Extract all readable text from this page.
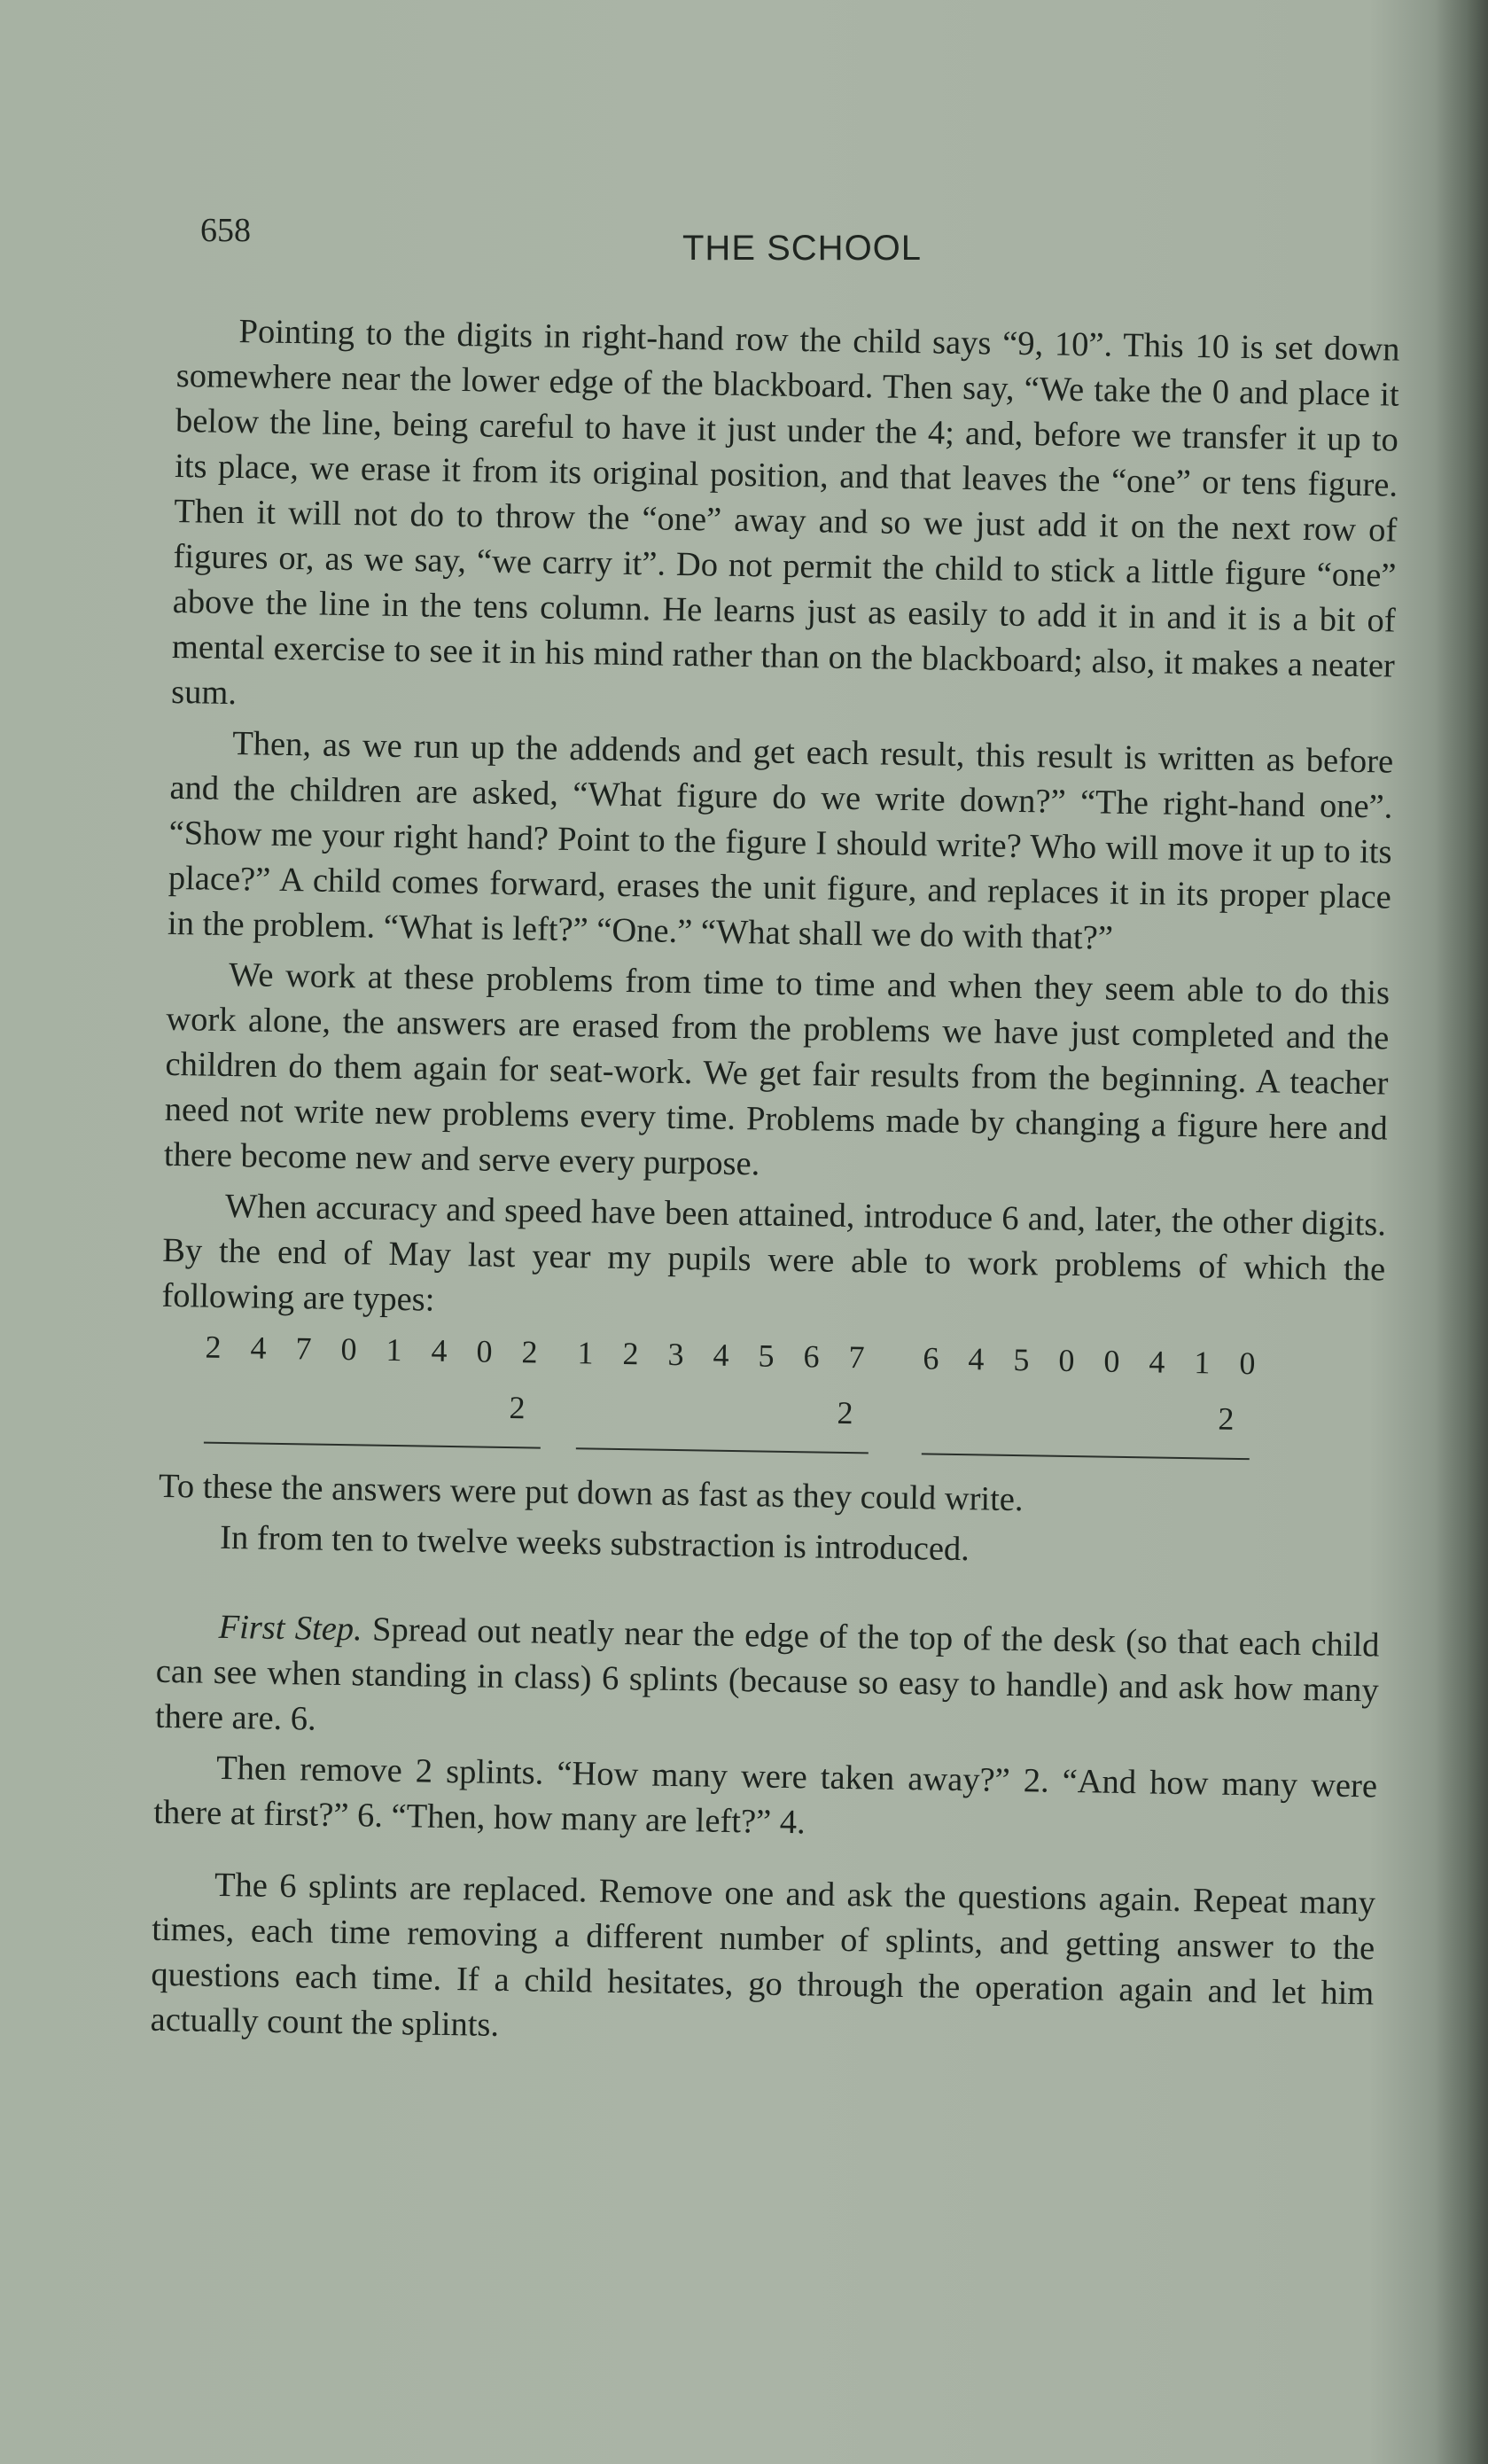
658	THE SCHOOL

Pointing to the digits in right-hand row the child says “9, 10”. This 10 is set down somewhere near the lower edge of the blackboard. Then say, “We take the 0 and place it below the line, being careful to have it just under the 4; and, before we transfer it up to its place, we erase it from its original position, and that leaves the “one” or tens figure. Then it will not do to throw the “one” away and so we just add it on the next row of figures or, as we say, “we carry it”. Do not permit the child to stick a little figure “one” above the line in the tens column. He learns just as easily to add it in and it is a bit of mental exercise to see it in his mind rather than on the blackboard; also, it makes a neater sum.

Then, as we run up the addends and get each result, this result is written as before and the children are asked, “What figure do we write down?” “The right-hand one”. “Show me your right hand? Point to the figure I should write? Who will move it up to its place?” A child comes forward, erases the unit figure, and replaces it in its proper place in the problem. “What is left?” “One.” “What shall we do with that?”

We work at these problems from time to time and when they seem able to do this work alone, the answers are erased from the problems we have just completed and the children do them again for seat-work. We get fair results from the beginning. A teacher need not write new problems every time. Problems made by changing a figure here and there become new and serve every purpose.

When accuracy and speed have been attained, introduce 6 and, later, the other digits. By the end of May last year my pupils were able to work problems of which the following are types:

2 4 7 0 1 4 0 2
2
1 2 3 4 5 6 7
2
6 4 5 0 0 4 1 0
2

To these the answers were put down as fast as they could write.

In from ten to twelve weeks substraction is introduced.

First Step. Spread out neatly near the edge of the top of the desk (so that each child can see when standing in class) 6 splints (because so easy to handle) and ask how many there are. 6.

Then remove 2 splints. “How many were taken away?” 2. “And how many were there at first?” 6. “Then, how many are left?” 4.

The 6 splints are replaced. Remove one and ask the questions again. Repeat many times, each time removing a different number of splints, and getting answer to the questions each time. If a child hesitates, go through the operation again and let him actually count the splints.
